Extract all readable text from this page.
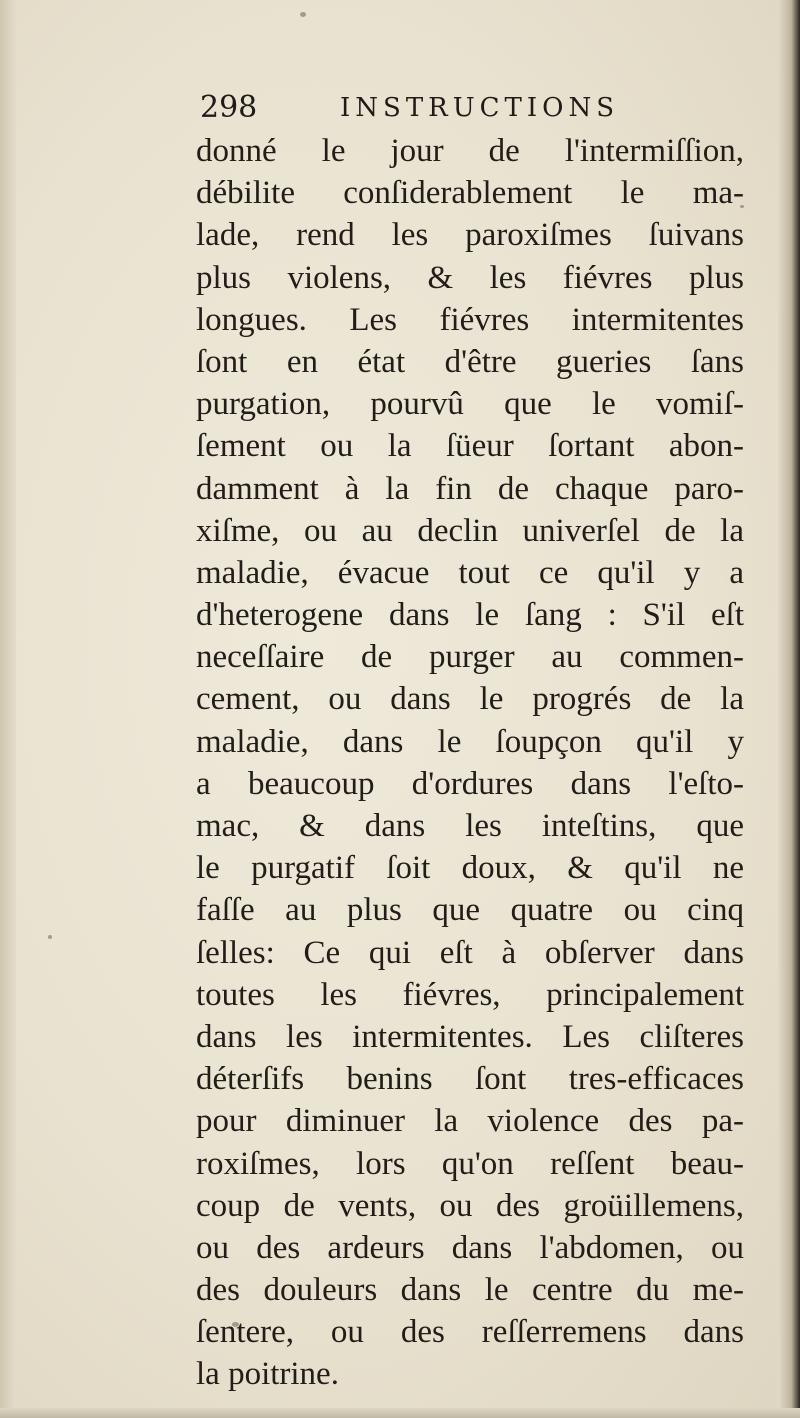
298	INSTRUCTIONS
donné le jour de l'intermiſſion,
débilite conſiderablement le ma-
lade, rend les paroxiſmes ſuivans
plus violens, & les fiévres plus
longues. Les fiévres intermitentes
ſont en état d'être gueries ſans
purgation, pourvû que le vomiſ-
ſement ou la ſüeur ſortant abon-
damment à la fin de chaque paro-
xiſme, ou au declin univerſel de la
maladie, évacue tout ce qu'il y a
d'heterogene dans le ſang : S'il eſt
neceſſaire de purger au commen-
cement, ou dans le progrés de la
maladie, dans le ſoupçon qu'il y
a beaucoup d'ordures dans l'eſto-
mac, & dans les inteſtins, que
le purgatif ſoit doux, & qu'il ne
faſſe au plus que quatre ou cinq
ſelles: Ce qui eſt à obſerver dans
toutes les fiévres, principalement
dans les intermitentes. Les cliſteres
déterſifs benins ſont tres-efficaces
pour diminuer la violence des pa-
roxiſmes, lors qu'on reſſent beau-
coup de vents, ou des groüillemens,
ou des ardeurs dans l'abdomen, ou
des douleurs dans le centre du me-
ſentere, ou des reſſerremens dans
la poitrine.
